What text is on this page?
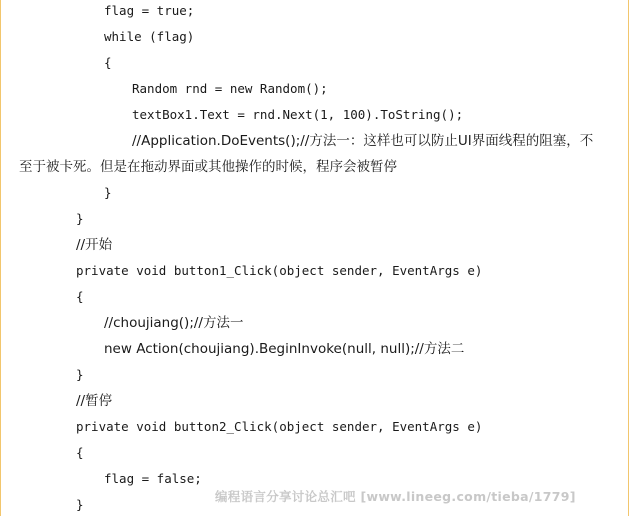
flag = true;
while (flag)
{
Random rnd = new Random();
textBox1.Text = rnd.Next(1, 100).ToString();
//Application.DoEvents();//方法一：这样也可以防止UI界面线程的阻塞，不
至于被卡死。但是在拖动界面或其他操作的时候，程序会被暂停
}
}
//开始
private void button1_Click(object sender, EventArgs e)
{
//choujiang();//方法一
new Action(choujiang).BeginInvoke(null, null);//方法二
}
//暂停
private void button2_Click(object sender, EventArgs e)
{
flag = false;
}
编程语言分享讨论总汇吧 [www.lineeg.com/tieba/1779]
